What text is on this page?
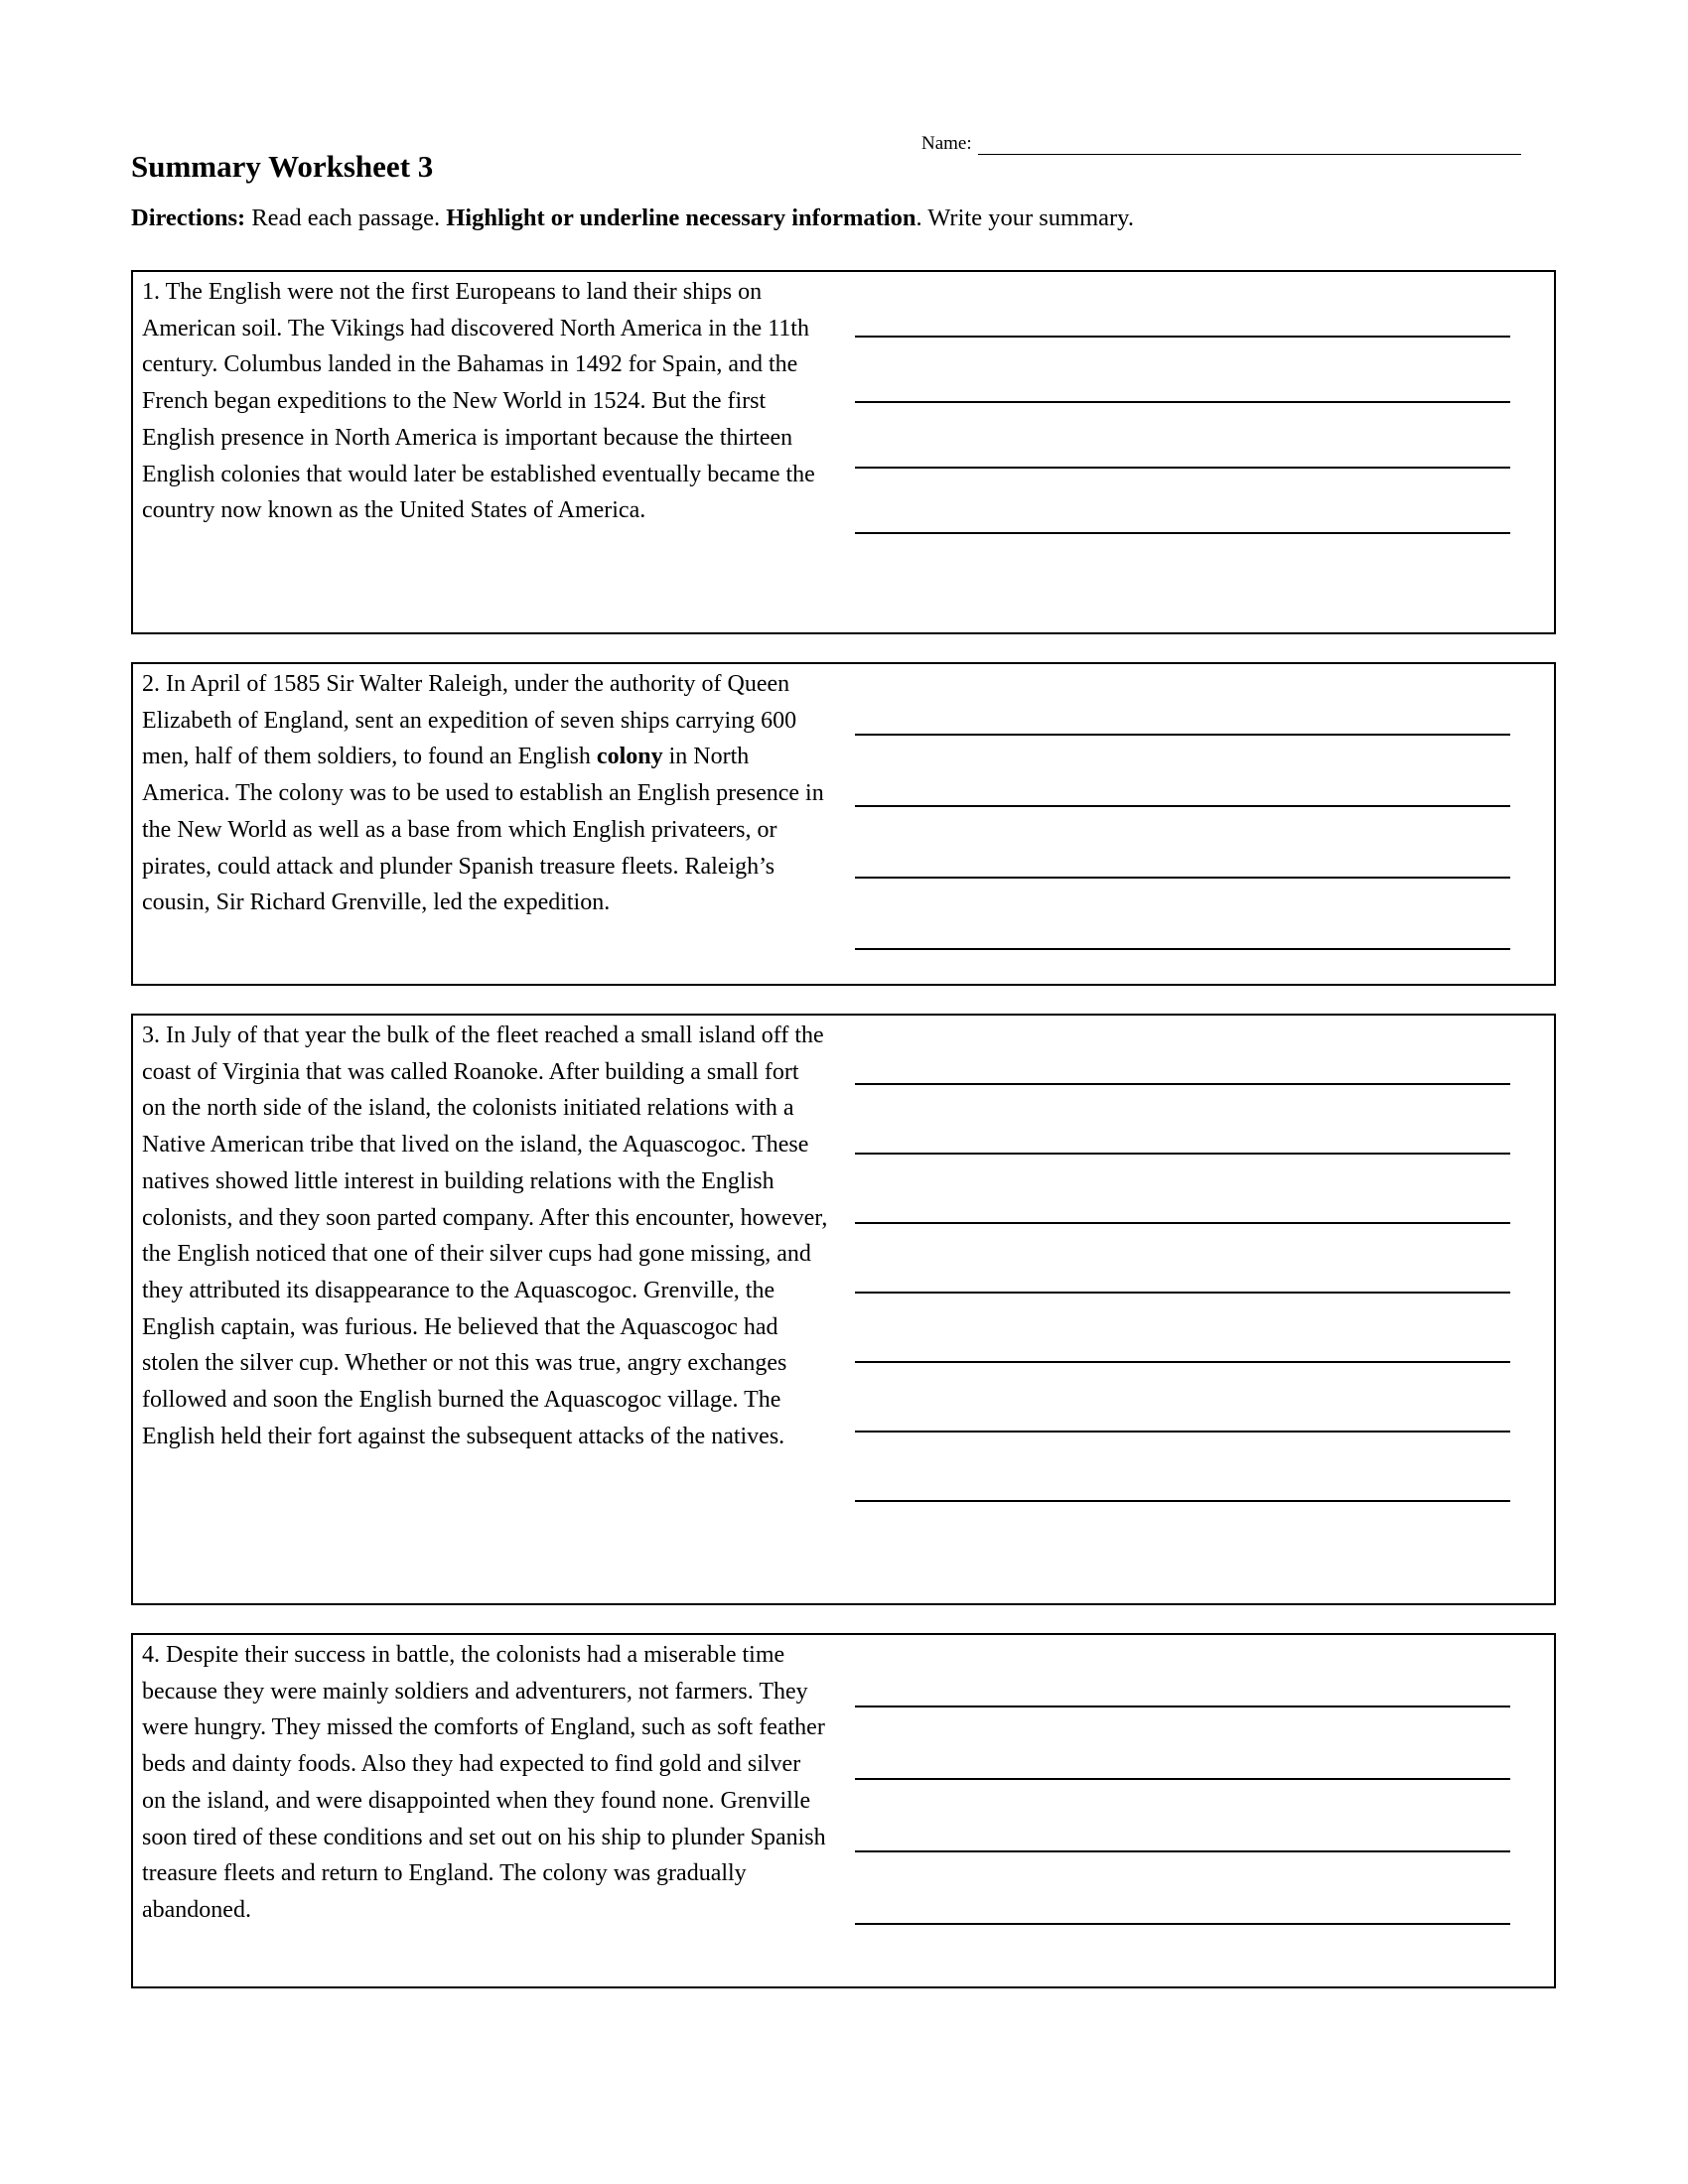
Name:
Summary Worksheet 3

Directions: Read each passage. Highlight or underline necessary information. Write your summary.

1. The English were not the first Europeans to land their ships on American soil. The Vikings had discovered North America in the 11th century. Columbus landed in the Bahamas in 1492 for Spain, and the French began expeditions to the New World in 1524. But the first English presence in North America is important because the thirteen English colonies that would later be established eventually became the country now known as the United States of America.
2. In April of 1585 Sir Walter Raleigh, under the authority of Queen Elizabeth of England, sent an expedition of seven ships carrying 600 men, half of them soldiers, to found an English colony in North America. The colony was to be used to establish an English presence in the New World as well as a base from which English privateers, or pirates, could attack and plunder Spanish treasure fleets. Raleigh’s cousin, Sir Richard Grenville, led the expedition.
3. In July of that year the bulk of the fleet reached a small island off the coast of Virginia that was called Roanoke. After building a small fort on the north side of the island, the colonists initiated relations with a Native American tribe that lived on the island, the Aquascogoc. These natives showed little interest in building relations with the English colonists, and they soon parted company. After this encounter, however, the English noticed that one of their silver cups had gone missing, and they attributed its disappearance to the Aquascogoc. Grenville, the English captain, was furious. He believed that the Aquascogoc had stolen the silver cup. Whether or not this was true, angry exchanges followed and soon the English burned the Aquascogoc village. The English held their fort against the subsequent attacks of the natives.
4. Despite their success in battle, the colonists had a miserable time because they were mainly soldiers and adventurers, not farmers. They were hungry. They missed the comforts of England, such as soft feather beds and dainty foods. Also they had expected to find gold and silver on the island, and were disappointed when they found none. Grenville soon tired of these conditions and set out on his ship to plunder Spanish treasure fleets and return to England. The colony was gradually abandoned.
